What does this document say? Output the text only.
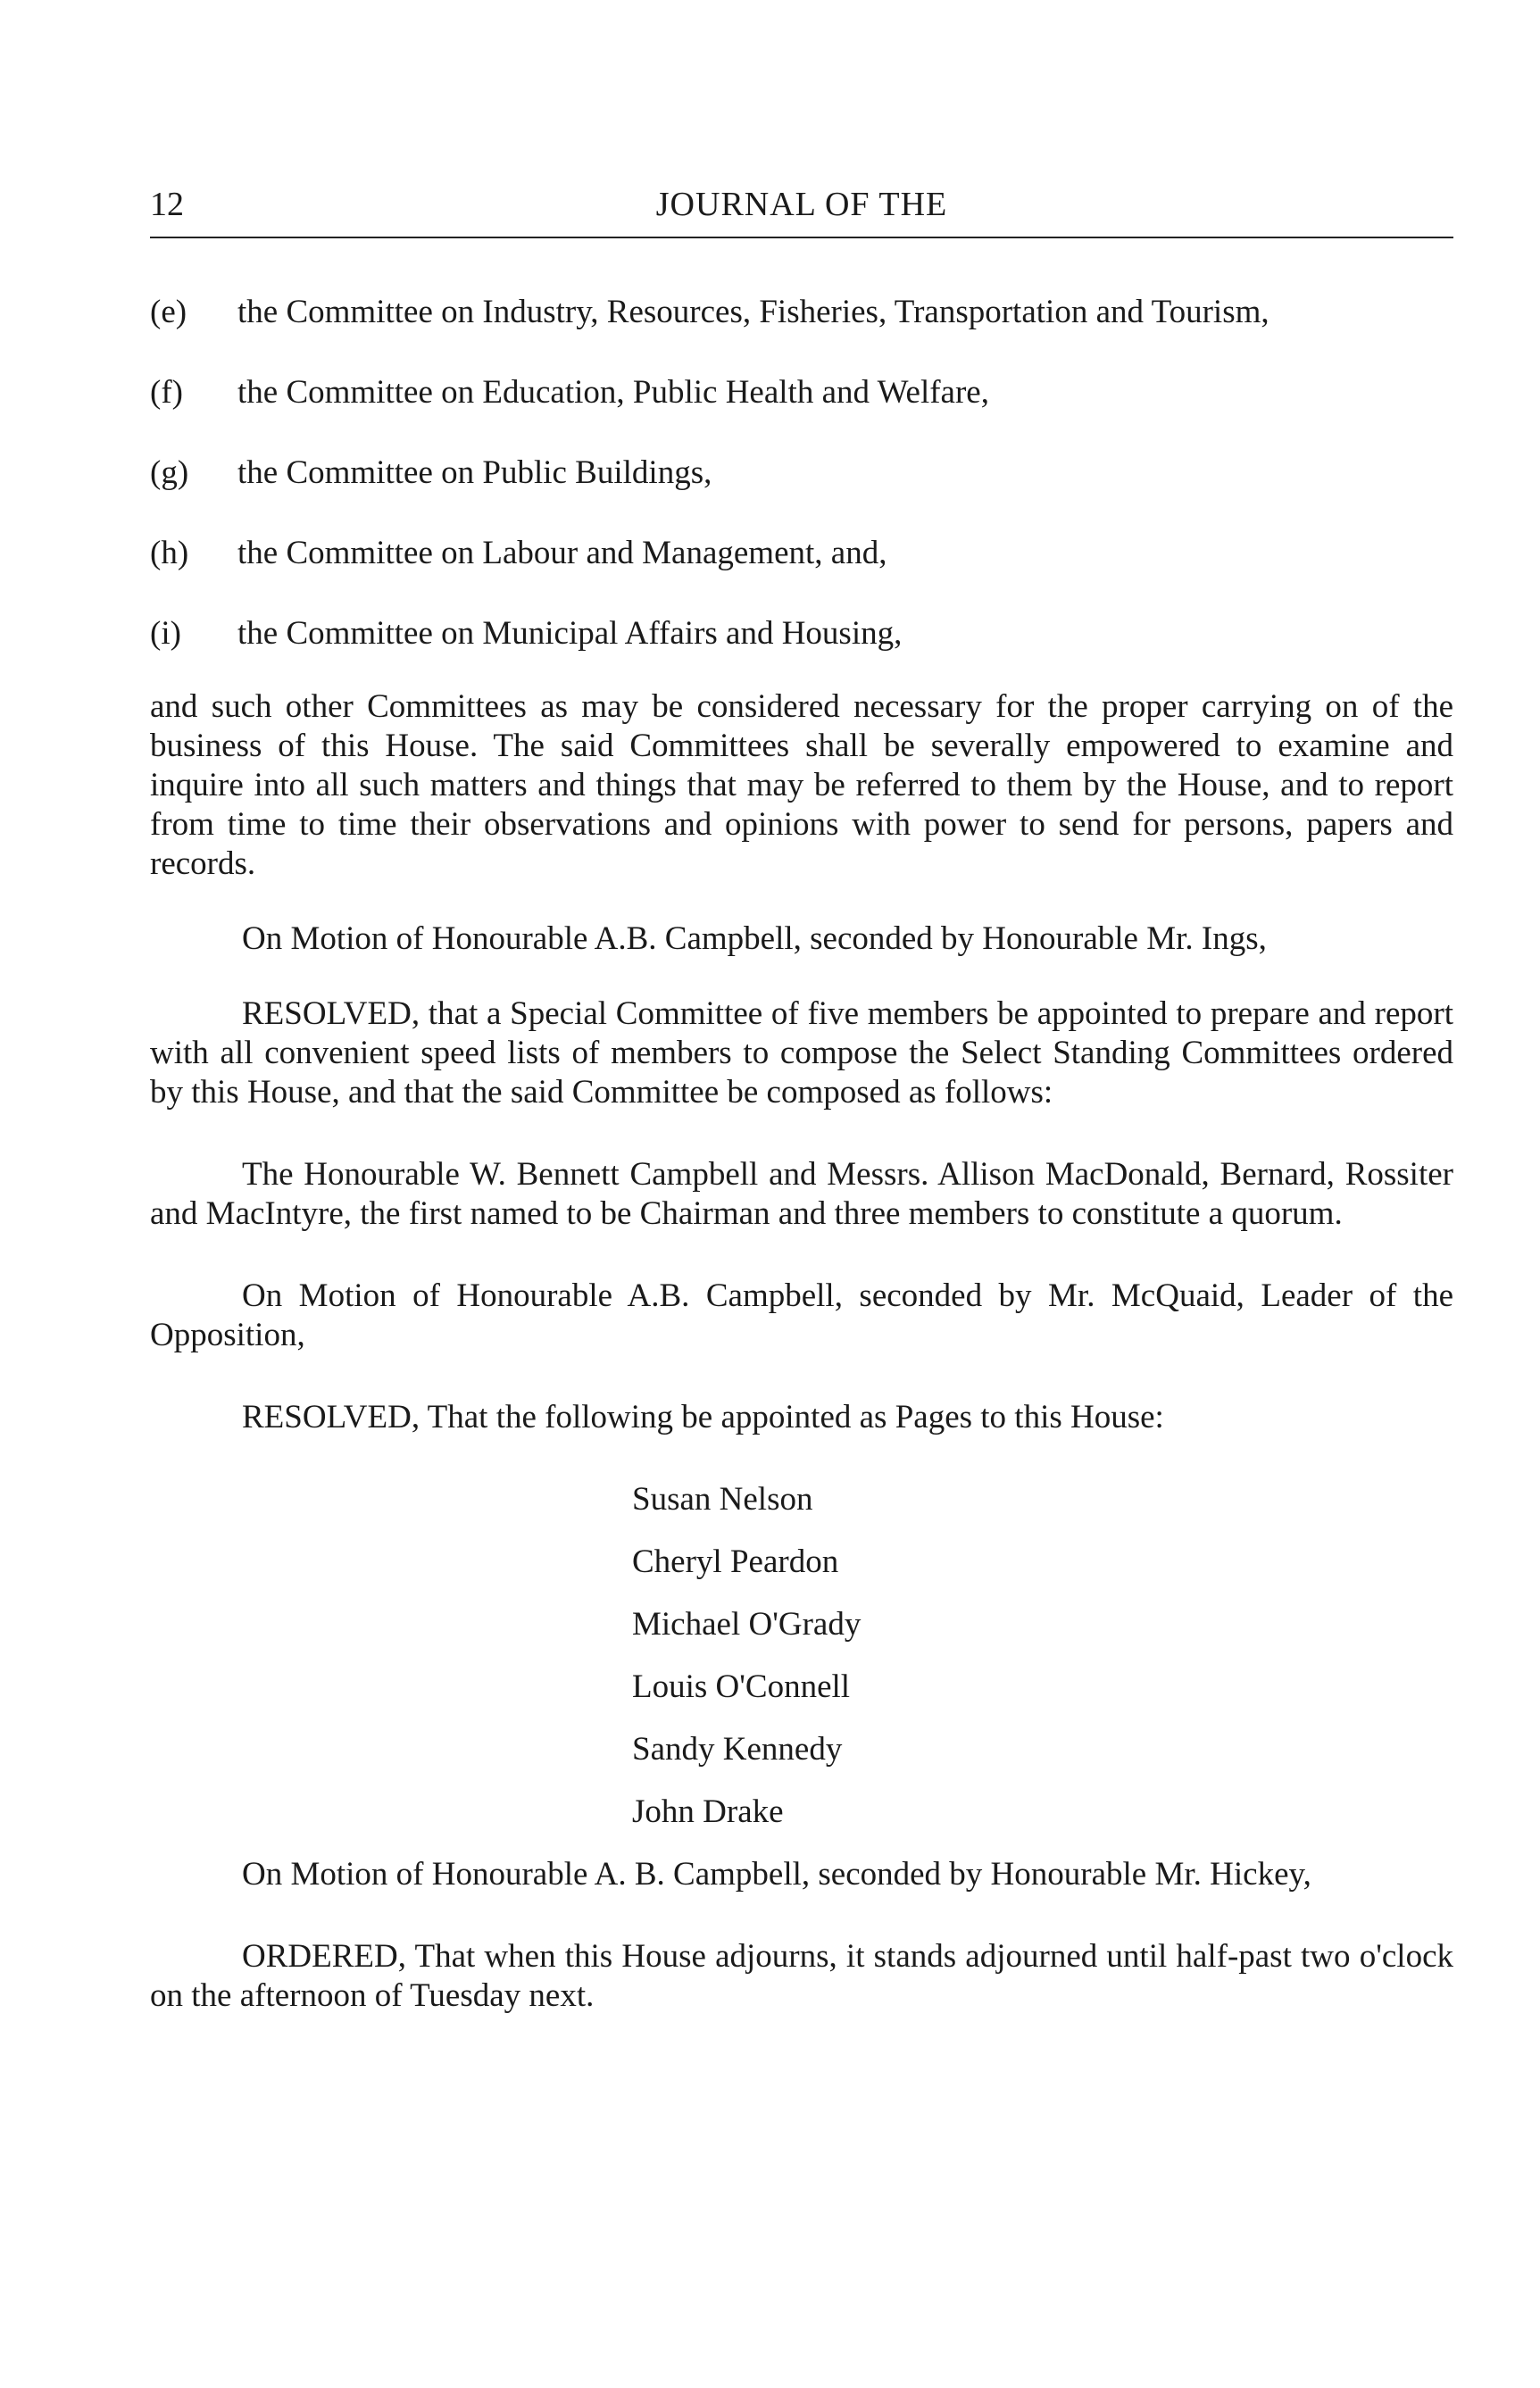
12	JOURNAL OF THE
(e) the Committee on Industry, Resources, Fisheries, Transportation and Tourism,
(f) the Committee on Education, Public Health and Welfare,
(g) the Committee on Public Buildings,
(h) the Committee on Labour and Management, and,
(i) the Committee on Municipal Affairs and Housing,

and such other Committees as may be considered necessary for the proper carrying on of the business of this House. The said Committees shall be severally empowered to examine and inquire into all such matters and things that may be referred to them by the House, and to report from time to time their observations and opinions with power to send for persons, papers and records.

On Motion of Honourable A.B. Campbell, seconded by Honourable Mr. Ings,

RESOLVED, that a Special Committee of five members be appointed to prepare and report with all convenient speed lists of members to compose the Select Standing Committees ordered by this House, and that the said Committee be composed as follows:

The Honourable W. Bennett Campbell and Messrs. Allison MacDonald, Bernard, Rossiter and MacIntyre, the first named to be Chairman and three members to constitute a quorum.

On Motion of Honourable A.B. Campbell, seconded by Mr. McQuaid, Leader of the Opposition,

RESOLVED, That the following be appointed as Pages to this House:

Susan Nelson
Cheryl Peardon
Michael O'Grady
Louis O'Connell
Sandy Kennedy
John Drake

On Motion of Honourable A. B. Campbell, seconded by Honourable Mr. Hickey,

ORDERED, That when this House adjourns, it stands adjourned until half-past two o'clock on the afternoon of Tuesday next.
